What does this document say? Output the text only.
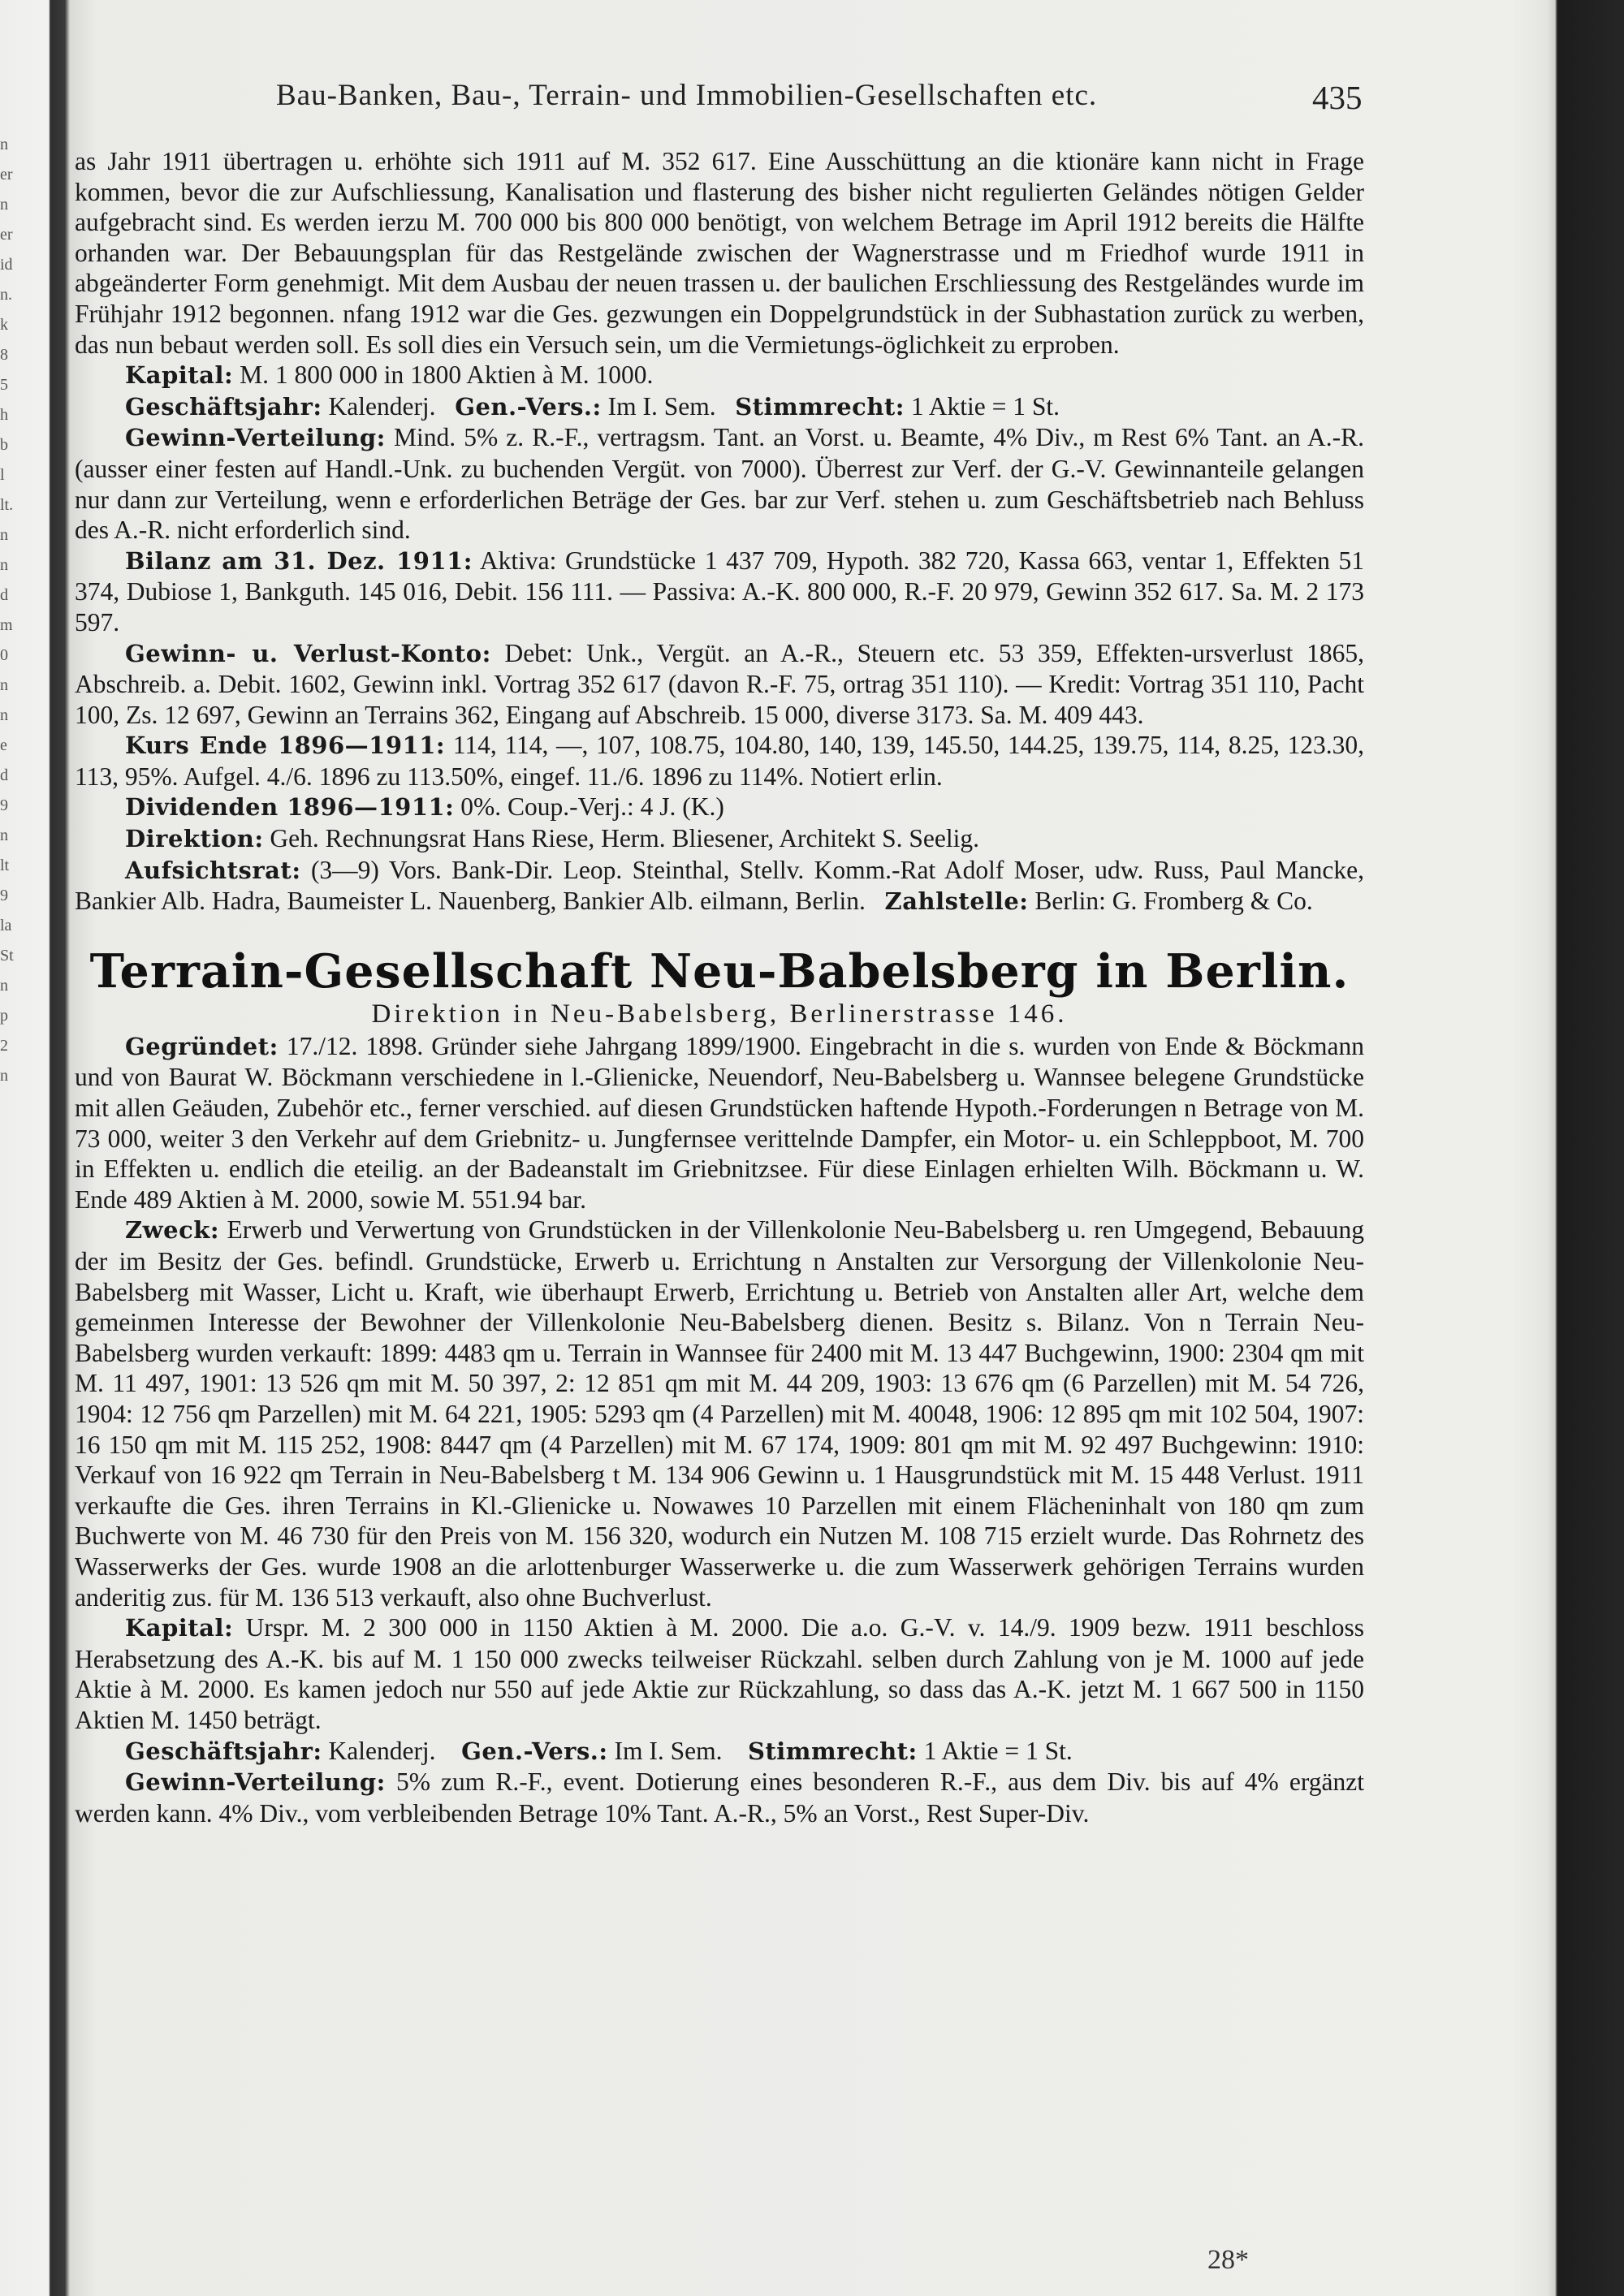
n
er
n
er
id
n.
k
8
5
h
b
l
lt.
n
n
d
m
0
n
n
e
d
9
n
lt
9
la
St
n
p
2
n
Bau-Banken, Bau-, Terrain- und Immobilien-Gesellschaften etc.	435

as Jahr 1911 übertragen u. erhöhte sich 1911 auf M. 352 617. Eine Ausschüttung an die ktionäre kann nicht in Frage kommen, bevor die zur Aufschliessung, Kanalisation und flasterung des bisher nicht regulierten Geländes nötigen Gelder aufgebracht sind. Es werden ierzu M. 700 000 bis 800 000 benötigt, von welchem Betrage im April 1912 bereits die Hälfte orhanden war. Der Bebauungsplan für das Restgelände zwischen der Wagnerstrasse und m Friedhof wurde 1911 in abgeänderter Form genehmigt. Mit dem Ausbau der neuen trassen u. der baulichen Erschliessung des Restgeländes wurde im Frühjahr 1912 begonnen. nfang 1912 war die Ges. gezwungen ein Doppelgrundstück in der Subhastation zurück zu werben, das nun bebaut werden soll. Es soll dies ein Versuch sein, um die Vermietungs-öglichkeit zu erproben.

Kapital: M. 1 800 000 in 1800 Aktien à M. 1000.

Geschäftsjahr: Kalenderj. Gen.-Vers.: Im I. Sem. Stimmrecht: 1 Aktie = 1 St.

Gewinn-Verteilung: Mind. 5% z. R.-F., vertragsm. Tant. an Vorst. u. Beamte, 4% Div., m Rest 6% Tant. an A.-R. (ausser einer festen auf Handl.-Unk. zu buchenden Vergüt. von 7000). Überrest zur Verf. der G.-V. Gewinnanteile gelangen nur dann zur Verteilung, wenn e erforderlichen Beträge der Ges. bar zur Verf. stehen u. zum Geschäftsbetrieb nach Behluss des A.-R. nicht erforderlich sind.

Bilanz am 31. Dez. 1911: Aktiva: Grundstücke 1 437 709, Hypoth. 382 720, Kassa 663, ventar 1, Effekten 51 374, Dubiose 1, Bankguth. 145 016, Debit. 156 111. — Passiva: A.-K. 800 000, R.-F. 20 979, Gewinn 352 617. Sa. M. 2 173 597.

Gewinn- u. Verlust-Konto: Debet: Unk., Vergüt. an A.-R., Steuern etc. 53 359, Effekten-ursverlust 1865, Abschreib. a. Debit. 1602, Gewinn inkl. Vortrag 352 617 (davon R.-F. 75, ortrag 351 110). — Kredit: Vortrag 351 110, Pacht 100, Zs. 12 697, Gewinn an Terrains 362, Eingang auf Abschreib. 15 000, diverse 3173. Sa. M. 409 443.

Kurs Ende 1896—1911: 114, 114, —, 107, 108.75, 104.80, 140, 139, 145.50, 144.25, 139.75, 114, 8.25, 123.30, 113, 95%. Aufgel. 4./6. 1896 zu 113.50%, eingef. 11./6. 1896 zu 114%. Notiert erlin.

Dividenden 1896—1911: 0%. Coup.-Verj.: 4 J. (K.)

Direktion: Geh. Rechnungsrat Hans Riese, Herm. Bliesener, Architekt S. Seelig.

Aufsichtsrat: (3—9) Vors. Bank-Dir. Leop. Steinthal, Stellv. Komm.-Rat Adolf Moser, udw. Russ, Paul Mancke, Bankier Alb. Hadra, Baumeister L. Nauenberg, Bankier Alb. eilmann, Berlin. Zahlstelle: Berlin: G. Fromberg & Co.

Terrain-Gesellschaft Neu-Babelsberg in Berlin.
Direktion in Neu-Babelsberg, Berlinerstrasse 146.

Gegründet: 17./12. 1898. Gründer siehe Jahrgang 1899/1900. Eingebracht in die s. wurden von Ende & Böckmann und von Baurat W. Böckmann verschiedene in l.-Glienicke, Neuendorf, Neu-Babelsberg u. Wannsee belegene Grundstücke mit allen Geäuden, Zubehör etc., ferner verschied. auf diesen Grundstücken haftende Hypoth.-Forderungen n Betrage von M. 73 000, weiter 3 den Verkehr auf dem Griebnitz- u. Jungfernsee verittelnde Dampfer, ein Motor- u. ein Schleppboot, M. 700 in Effekten u. endlich die eteilig. an der Badeanstalt im Griebnitzsee. Für diese Einlagen erhielten Wilh. Böckmann u. W. Ende 489 Aktien à M. 2000, sowie M. 551.94 bar.

Zweck: Erwerb und Verwertung von Grundstücken in der Villenkolonie Neu-Babelsberg u. ren Umgegend, Bebauung der im Besitz der Ges. befindl. Grundstücke, Erwerb u. Errichtung n Anstalten zur Versorgung der Villenkolonie Neu-Babelsberg mit Wasser, Licht u. Kraft, wie überhaupt Erwerb, Errichtung u. Betrieb von Anstalten aller Art, welche dem gemeinmen Interesse der Bewohner der Villenkolonie Neu-Babelsberg dienen. Besitz s. Bilanz. Von n Terrain Neu-Babelsberg wurden verkauft: 1899: 4483 qm u. Terrain in Wannsee für 2400 mit M. 13 447 Buchgewinn, 1900: 2304 qm mit M. 11 497, 1901: 13 526 qm mit M. 50 397, 2: 12 851 qm mit M. 44 209, 1903: 13 676 qm (6 Parzellen) mit M. 54 726, 1904: 12 756 qm Parzellen) mit M. 64 221, 1905: 5293 qm (4 Parzellen) mit M. 40048, 1906: 12 895 qm mit 102 504, 1907: 16 150 qm mit M. 115 252, 1908: 8447 qm (4 Parzellen) mit M. 67 174, 1909: 801 qm mit M. 92 497 Buchgewinn: 1910: Verkauf von 16 922 qm Terrain in Neu-Babelsberg t M. 134 906 Gewinn u. 1 Hausgrundstück mit M. 15 448 Verlust. 1911 verkaufte die Ges. ihren Terrains in Kl.-Glienicke u. Nowawes 10 Parzellen mit einem Flächeninhalt von 180 qm zum Buchwerte von M. 46 730 für den Preis von M. 156 320, wodurch ein Nutzen M. 108 715 erzielt wurde. Das Rohrnetz des Wasserwerks der Ges. wurde 1908 an die arlottenburger Wasserwerke u. die zum Wasserwerk gehörigen Terrains wurden anderitig zus. für M. 136 513 verkauft, also ohne Buchverlust.

Kapital: Urspr. M. 2 300 000 in 1150 Aktien à M. 2000. Die a.o. G.-V. v. 14./9. 1909 bezw. 1911 beschloss Herabsetzung des A.-K. bis auf M. 1 150 000 zwecks teilweiser Rückzahl. selben durch Zahlung von je M. 1000 auf jede Aktie à M. 2000. Es kamen jedoch nur 550 auf jede Aktie zur Rückzahlung, so dass das A.-K. jetzt M. 1 667 500 in 1150 Aktien M. 1450 beträgt.

Geschäftsjahr: Kalenderj. Gen.-Vers.: Im I. Sem. Stimmrecht: 1 Aktie = 1 St.

Gewinn-Verteilung: 5% zum R.-F., event. Dotierung eines besonderen R.-F., aus dem Div. bis auf 4% ergänzt werden kann. 4% Div., vom verbleibenden Betrage 10% Tant. A.-R., 5% an Vorst., Rest Super-Div.

28*
